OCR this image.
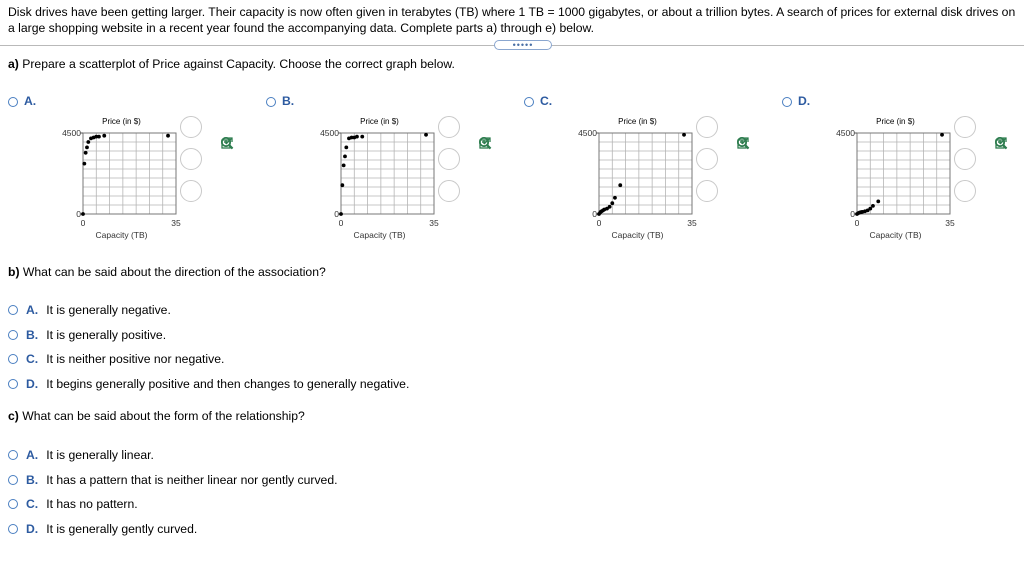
Disk drives have been getting larger. Their capacity is now often given in terabytes (TB) where 1 TB = 1000 gigabytes, or about a trillion bytes. A search of prices for external disk drives on a large shopping website in a recent year found the accompanying data. Complete parts a) through e) below.
•••••
a) Prepare a scatterplot of Price against Capacity. Choose the correct graph below.
A.
Price (in $)
4500
0
0	35
Capacity (TB)
B.
Price (in $)
4500
0
0	35
Capacity (TB)
C.
Price (in $)
4500
0
0	35
Capacity (TB)
D.
Price (in $)
4500
0
0	35
Capacity (TB)
b) What can be said about the direction of the association?
A. It is generally negative.
B. It is generally positive.
C. It is neither positive nor negative.
D. It begins generally positive and then changes to generally negative.
c) What can be said about the form of the relationship?
A. It is generally linear.
B. It has a pattern that is neither linear nor gently curved.
C. It has no pattern.
D. It is generally gently curved.
